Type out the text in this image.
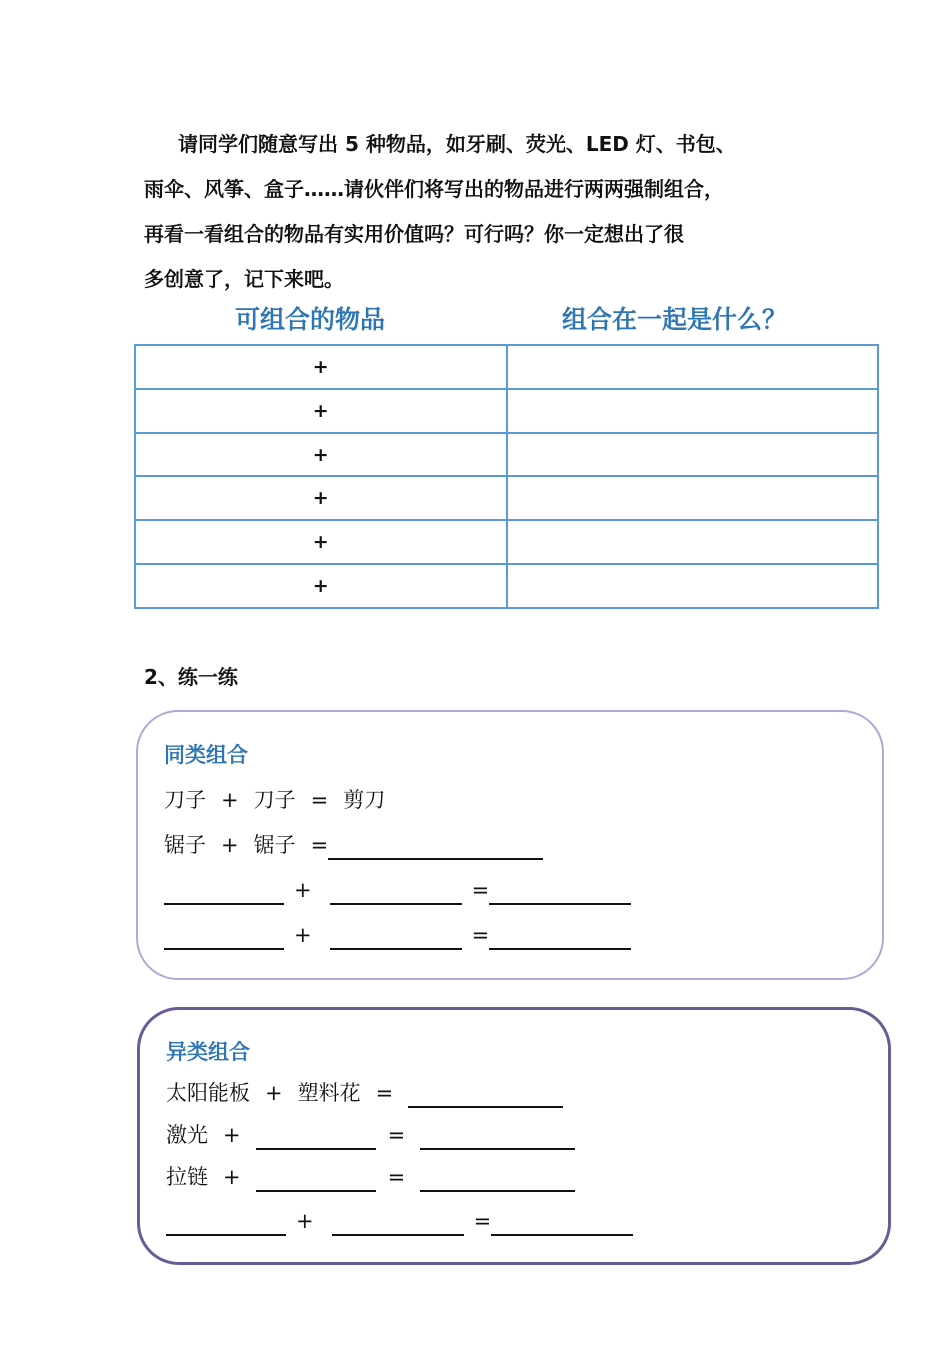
请同学们随意写出 5 种物品，如牙刷、荧光、LED 灯、书包、
雨伞、风筝、盒子……请伙伴们将写出的物品进行两两强制组合，
再看一看组合的物品有实用价值吗？可行吗？你一定想出了很
多创意了，记下来吧。

可组合的物品	组合在一起是什么？
+	
+	
+	
+	
+	
+	

2、练一练

同类组合
刀子 + 刀子 = 剪刀
锯子 + 锯子 =
+	=
+	=
异类组合
太阳能板 + 塑料花 =
激光 +	=
拉链 +	=
+	=
